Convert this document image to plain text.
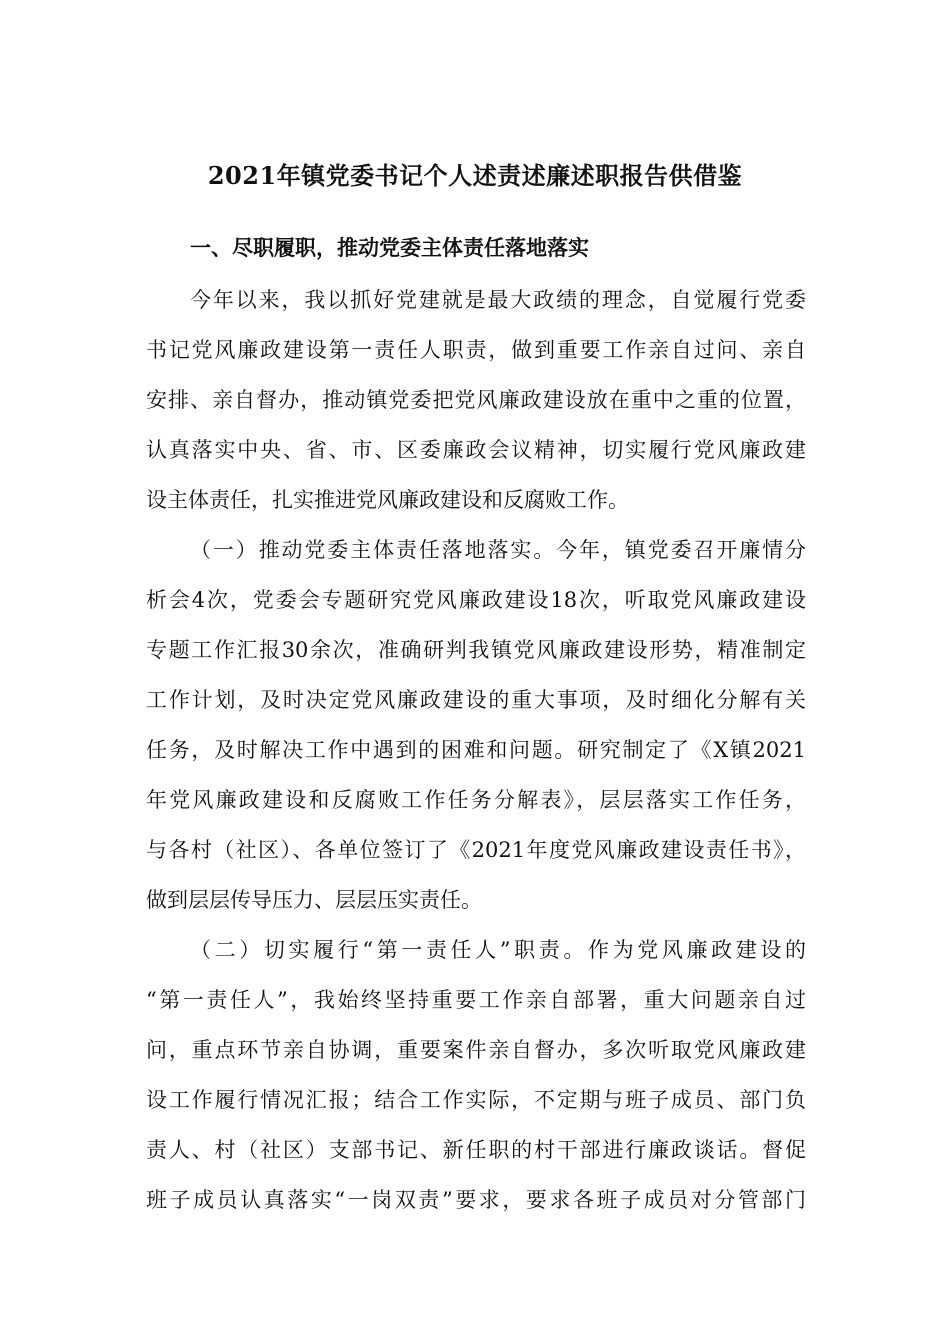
2021年镇党委书记个人述责述廉述职报告供借鉴
一、尽职履职，推动党委主体责任落地落实

今年以来，我以抓好党建就是最大政绩的理念，自觉履行党委

书记党风廉政建设第一责任人职责，做到重要工作亲自过问、亲自

安排、亲自督办，推动镇党委把党风廉政建设放在重中之重的位置，

认真落实中央、省、市、区委廉政会议精神，切实履行党风廉政建

设主体责任，扎实推进党风廉政建设和反腐败工作。

（一）推动党委主体责任落地落实。今年，镇党委召开廉情分

析会4次，党委会专题研究党风廉政建设18次，听取党风廉政建设

专题工作汇报30余次，准确研判我镇党风廉政建设形势，精准制定

工作计划，及时决定党风廉政建设的重大事项，及时细化分解有关

任务，及时解决工作中遇到的困难和问题。研究制定了《X镇2021

年党风廉政建设和反腐败工作任务分解表》，层层落实工作任务，

与各村（社区）、各单位签订了《2021年度党风廉政建设责任书》，

做到层层传导压力、层层压实责任。

（二）切实履行“第一责任人”职责。作为党风廉政建设的

“第一责任人”，我始终坚持重要工作亲自部署，重大问题亲自过

问，重点环节亲自协调，重要案件亲自督办，多次听取党风廉政建

设工作履行情况汇报；结合工作实际，不定期与班子成员、部门负

责人、村（社区）支部书记、新任职的村干部进行廉政谈话。督促

班子成员认真落实“一岗双责”要求，要求各班子成员对分管部门
